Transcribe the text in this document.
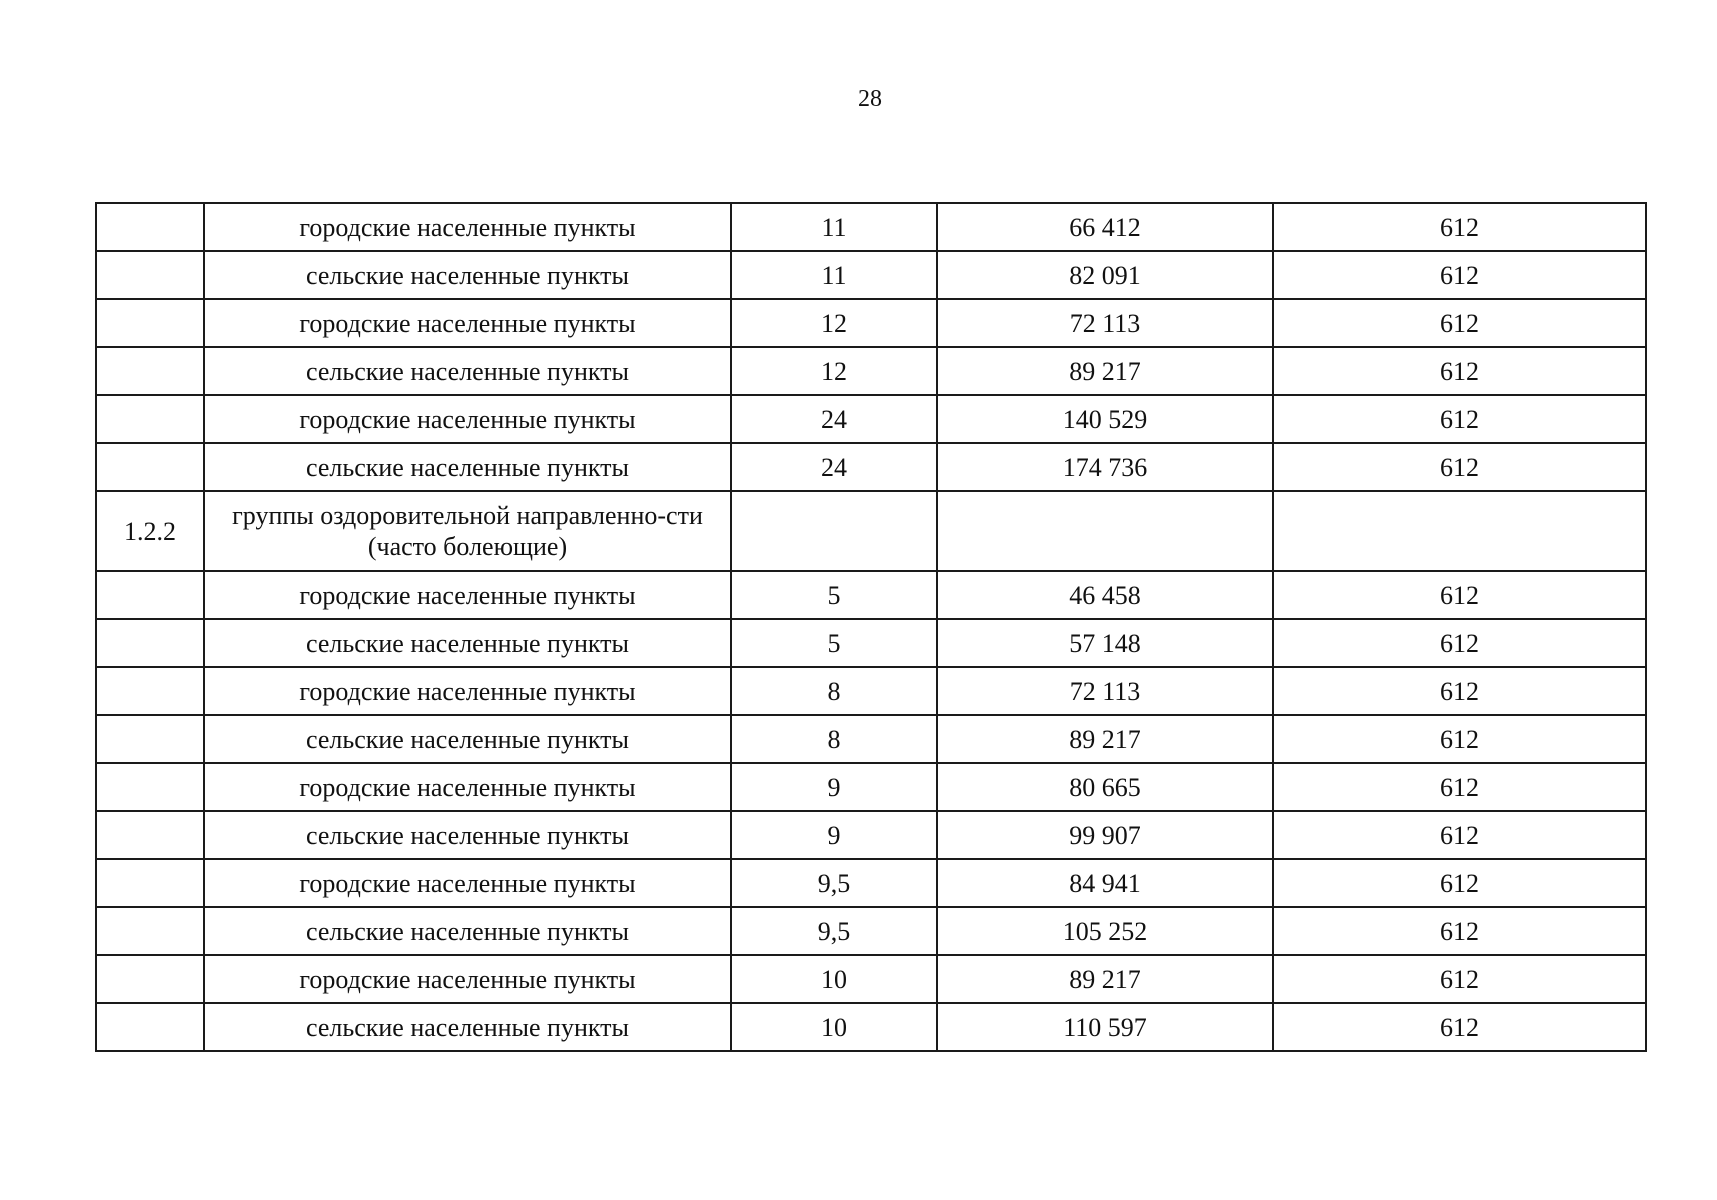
28
	городские населенные пункты	11	66 412	612
	сельские населенные пункты	11	82 091	612
	городские населенные пункты	12	72 113	612
	сельские населенные пункты	12	89 217	612
	городские населенные пункты	24	140 529	612
	сельские населенные пункты	24	174 736	612
1.2.2	группы оздоровительной направленно-сти (часто болеющие)			
	городские населенные пункты	5	46 458	612
	сельские населенные пункты	5	57 148	612
	городские населенные пункты	8	72 113	612
	сельские населенные пункты	8	89 217	612
	городские населенные пункты	9	80 665	612
	сельские населенные пункты	9	99 907	612
	городские населенные пункты	9,5	84 941	612
	сельские населенные пункты	9,5	105 252	612
	городские населенные пункты	10	89 217	612
	сельские населенные пункты	10	110 597	612
